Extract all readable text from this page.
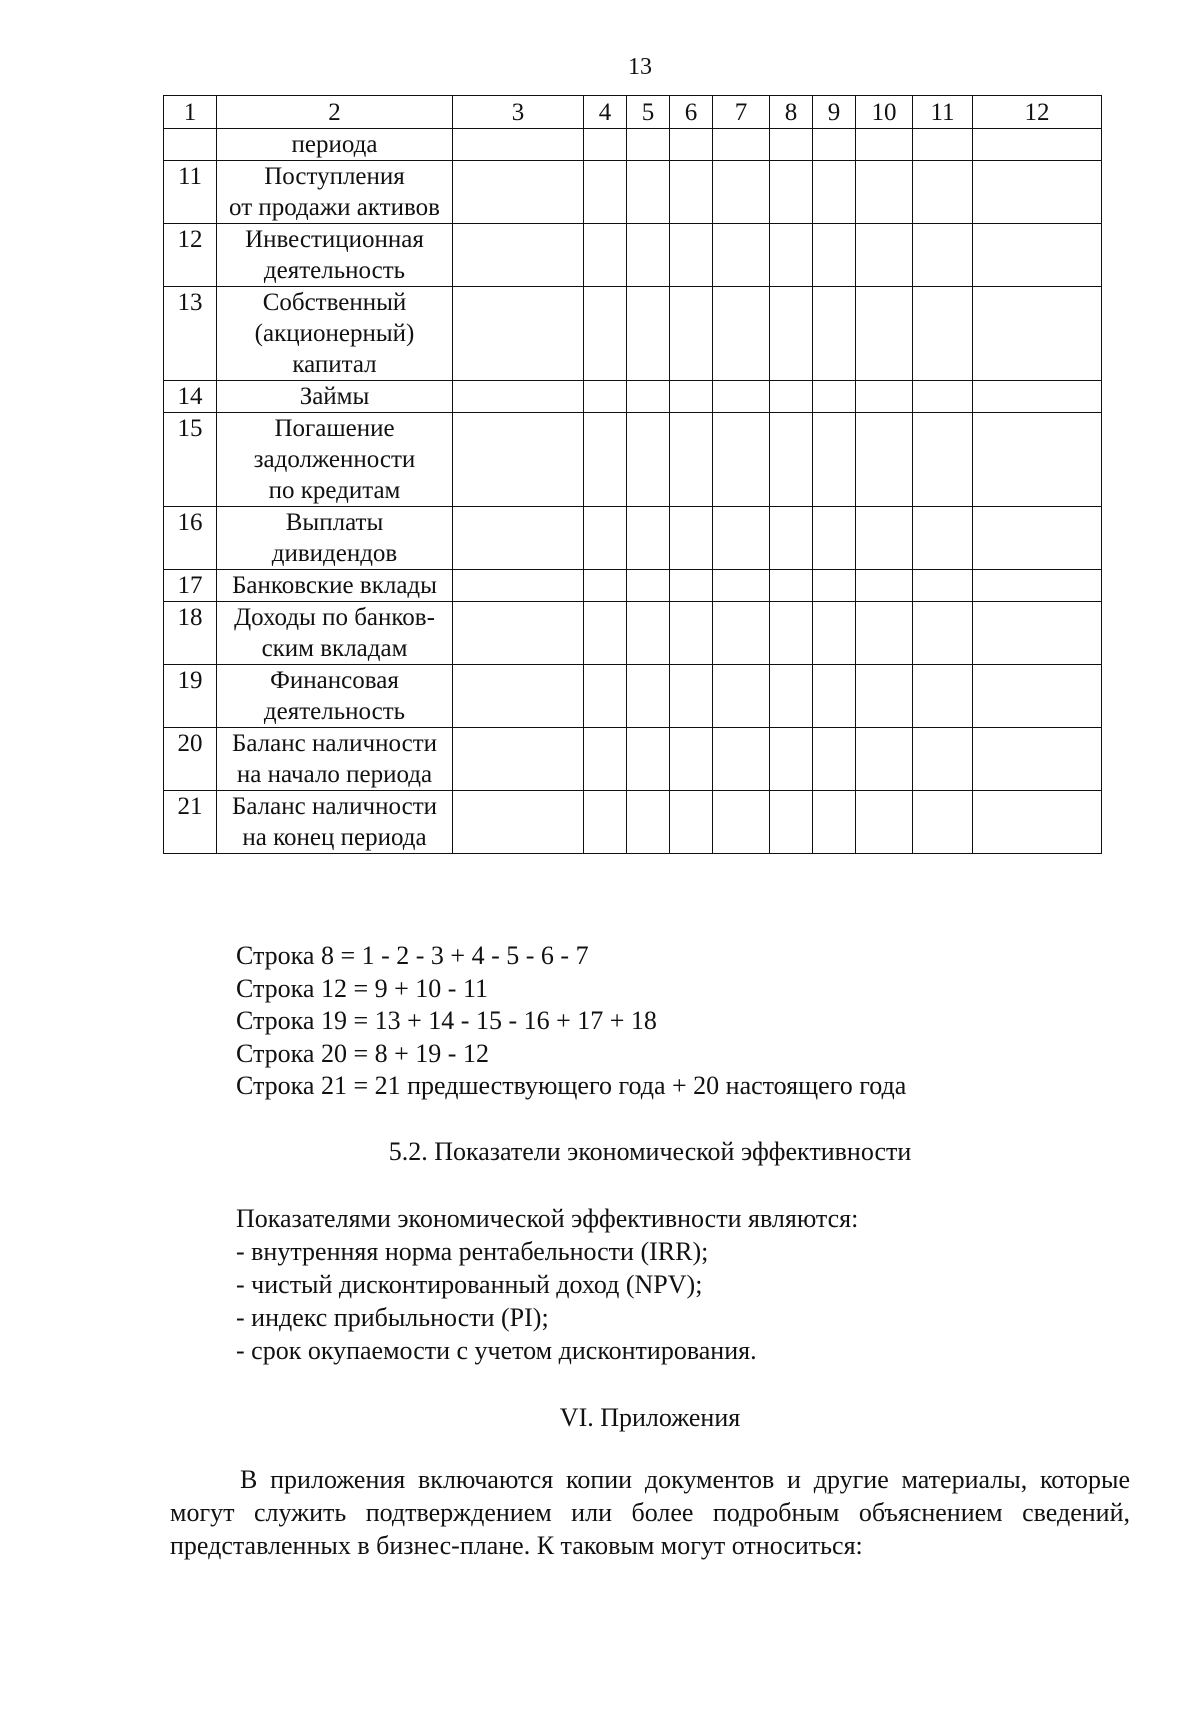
13
1	2	3	4	5	6	7	8	9	10	11	12
	периода										
11	Поступления
от продажи активов										
12	Инвестиционная
деятельность										
13	Собственный
(акционерный)
капитал										
14	Займы										
15	Погашение
задолженности
по кредитам										
16	Выплаты
дивидендов										
17	Банковские вклады										
18	Доходы по банков-
ским вкладам										
19	Финансовая
деятельность										
20	Баланс наличности
на начало периода										
21	Баланс наличности
на конец периода										
Строка 8 = 1 - 2 - 3 + 4 - 5 - 6 - 7
Строка 12 = 9 + 10 - 11
Строка 19 = 13 + 14 - 15 - 16 + 17 + 18
Строка 20 = 8 + 19 - 12
Строка 21 = 21 предшествующего года + 20 настоящего года
5.2. Показатели экономической эффективности
Показателями экономической эффективности являются:
- внутренняя норма рентабельности (IRR);
- чистый дисконтированный доход (NPV);
- индекс прибыльности (PI);
- срок окупаемости с учетом дисконтирования.
VI. Приложения
В приложения включаются копии документов и другие материалы, которые могут служить подтверждением или более подробным объяснением сведений, представленных в бизнес-плане. К таковым могут относиться:
